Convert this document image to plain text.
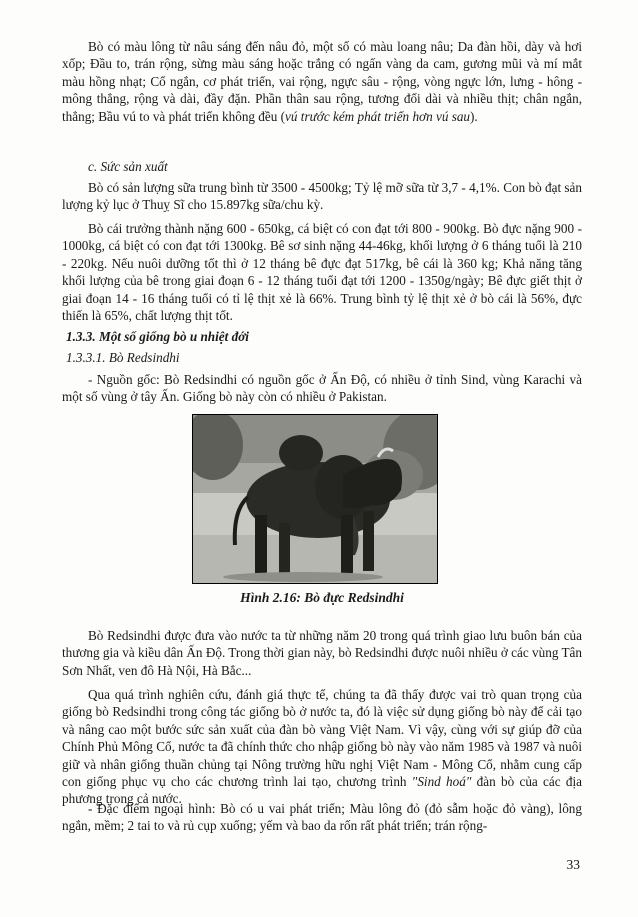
Bò có màu lông từ nâu sáng đến nâu đỏ, một số có màu loang nâu; Da đàn hồi, dày và hơi xốp; Đầu to, trán rộng, sừng màu sáng hoặc trắng có ngấn vàng da cam, gương mũi và mí mắt màu hồng nhạt; Cổ ngắn, cơ phát triển, vai rộng, ngực sâu - rộng, vòng ngực lớn, lưng - hông - mông thẳng, rộng và dài, đầy đặn. Phần thân sau rộng, tương đối dài và nhiều thịt; chân ngắn, thẳng; Bầu vú to và phát triển không đều (vú trước kém phát triển hơn vú sau).

c. Sức sản xuất

Bò có sản lượng sữa trung bình từ 3500 - 4500kg; Tỷ lệ mỡ sữa từ 3,7 - 4,1%. Con bò đạt sản lượng kỷ lục ở Thuỵ Sĩ cho 15.897kg sữa/chu kỳ.

Bò cái trưởng thành nặng 600 - 650kg, cá biệt có con đạt tới 800 - 900kg. Bò đực nặng 900 - 1000kg, cá biệt có con đạt tới 1300kg. Bê sơ sinh nặng 44-46kg, khối lượng ở 6 tháng tuổi là 210 - 220kg. Nếu nuôi dưỡng tốt thì ở 12 tháng bê đực đạt 517kg, bê cái là 360 kg; Khả năng tăng khối lượng của bê trong giai đoạn 6 - 12 tháng tuổi đạt tới 1200 - 1350g/ngày; Bê đực giết thịt ở giai đoạn 14 - 16 tháng tuổi có tỉ lệ thịt xẻ là 66%. Trung bình tỷ lệ thịt xẻ ở bò cái là 56%, đực thiến là 65%, chất lượng thịt tốt.

1.3.3. Một số giống bò u nhiệt đới

1.3.3.1. Bò Redsindhi

- Nguồn gốc: Bò Redsindhi có nguồn gốc ở Ấn Độ, có nhiều ở tỉnh Sind, vùng Karachi và một số vùng ở tây Ấn. Giống bò này còn có nhiều ở Pakistan.

Hình 2.16: Bò đực Redsindhi

Bò Redsindhi được đưa vào nước ta từ những năm 20 trong quá trình giao lưu buôn bán của thương gia và kiều dân Ấn Độ. Trong thời gian này, bò Redsindhi được nuôi nhiều ở các vùng Tân Sơn Nhất, ven đô Hà Nội, Hà Bắc...

Qua quá trình nghiên cứu, đánh giá thực tế, chúng ta đã thấy được vai trò quan trọng của giống bò Redsindhi trong công tác giống bò ở nước ta, đó là việc sử dụng giống bò này để cải tạo và nâng cao một bước sức sản xuất của đàn bò vàng Việt Nam. Vì vậy, cùng với sự giúp đỡ của Chính Phủ Mông Cổ, nước ta đã chính thức cho nhập giống bò này vào năm 1985 và 1987 và nuôi giữ và nhân giống thuần chủng tại Nông trường hữu nghị Việt Nam - Mông Cổ, nhằm cung cấp con giống phục vụ cho các chương trình lai tạo, chương trình "Sind hoá" đàn bò của các địa phương trong cả nước.

- Đặc điểm ngoại hình: Bò có u vai phát triển; Màu lông đỏ (đỏ sẫm hoặc đỏ vàng), lông ngắn, mềm; 2 tai to và rủ cụp xuống; yếm và bao da rốn rất phát triển; trán rộng-

33
